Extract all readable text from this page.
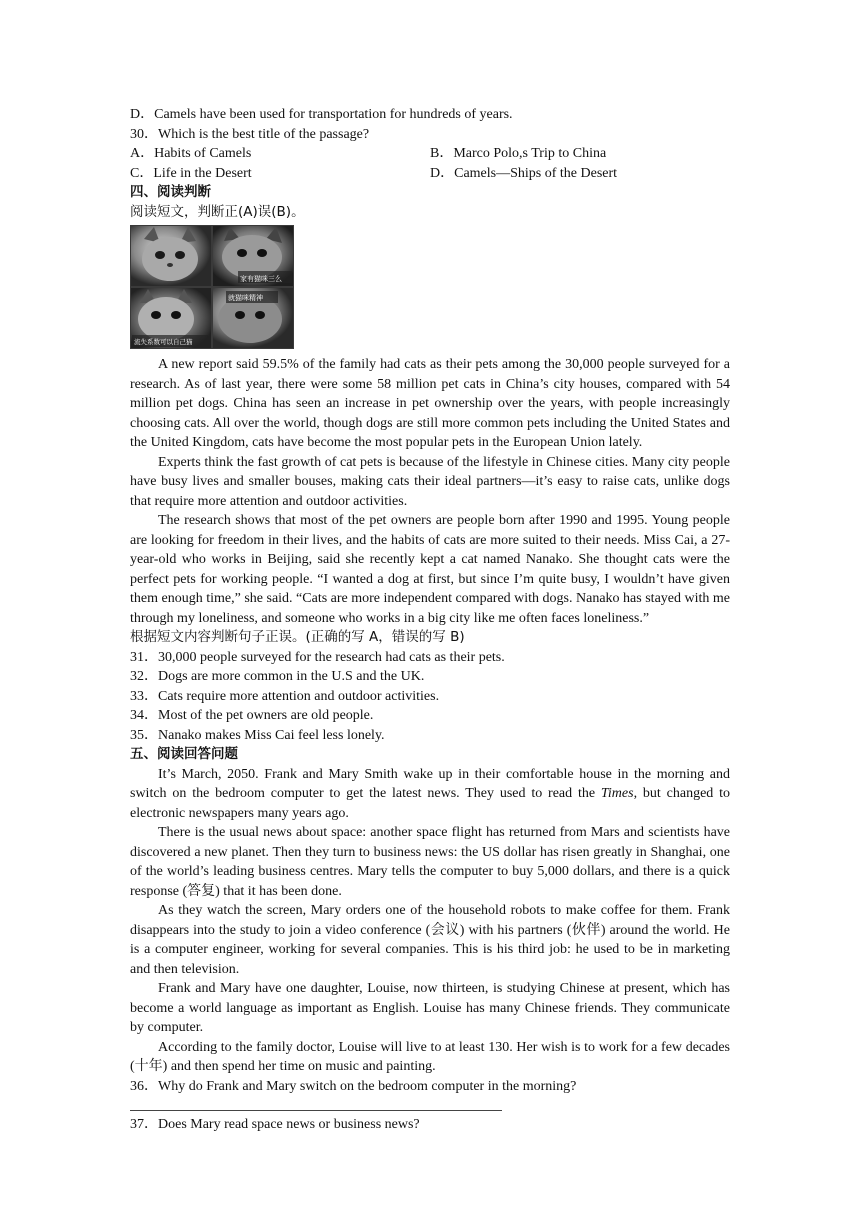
D．Camels have been used for transportation for hundreds of years.
30．Which is the best title of the passage?
A．Habits of Camels	B．Marco Polo,s Trip to China
C．Life in the Desert	D．Camels—Ships of the Desert
四、阅读判断
阅读短文，判断正(A)误(B)。
家有猫咪三么
就猫咪精神
流失系数可以自己猫

A new report said 59.5% of the family had cats as their pets among the 30,000 people surveyed for a research. As of last year, there were some 58 million pet cats in China’s city houses, compared with 54 million pet dogs. China has seen an increase in pet ownership over the years, with people increasingly choosing cats. All over the world, though dogs are still more common pets including the United States and the United Kingdom, cats have become the most popular pets in the European Union lately.

Experts think the fast growth of cat pets is because of the lifestyle in Chinese cities. Many city people have busy lives and smaller bouses, making cats their ideal partners—it’s easy to raise cats, unlike dogs that require more attention and outdoor activities.

The research shows that most of the pet owners are people born after 1990 and 1995. Young people are looking for freedom in their lives, and the habits of cats are more suited to their needs. Miss Cai, a 27-year-old who works in Beijing, said she recently kept a cat named Nanako. She thought cats were the perfect pets for working people. “I wanted a dog at first, but since I’m quite busy, I wouldn’t have given them enough time,” she said. “Cats are more independent compared with dogs. Nanako has stayed with me through my loneliness, and someone who works in a big city like me often faces loneliness.”

根据短文内容判断句子正误。(正确的写 A，错误的写 B)
31．30,000 people surveyed for the research had cats as their pets.
32．Dogs are more common in the U.S and the UK.
33．Cats require more attention and outdoor activities.
34．Most of the pet owners are old people.
35．Nanako makes Miss Cai feel less lonely.
五、阅读回答问题

It’s March, 2050. Frank and Mary Smith wake up in their comfortable house in the morning and switch on the bedroom computer to get the latest news. They used to read the Times, but changed to electronic newspapers many years ago.

There is the usual news about space: another space flight has returned from Mars and scientists have discovered a new planet. Then they turn to business news: the US dollar has risen greatly in Shanghai, one of the world’s leading business centres. Mary tells the computer to buy 5,000 dollars, and there is a quick response (答复) that it has been done.

As they watch the screen, Mary orders one of the household robots to make coffee for them. Frank disappears into the study to join a video conference (会议) with his partners (伙伴) around the world. He is a computer engineer, working for several companies. This is his third job: he used to be in marketing and then television.

Frank and Mary have one daughter, Louise, now thirteen, is studying Chinese at present, which has become a world language as important as English. Louise has many Chinese friends. They communicate by computer.

According to the family doctor, Louise will live to at least 130. Her wish is to work for a few decades (十年) and then spend her time on music and painting.

36．Why do Frank and Mary switch on the bedroom computer in the morning?
37．Does Mary read space news or business news?
